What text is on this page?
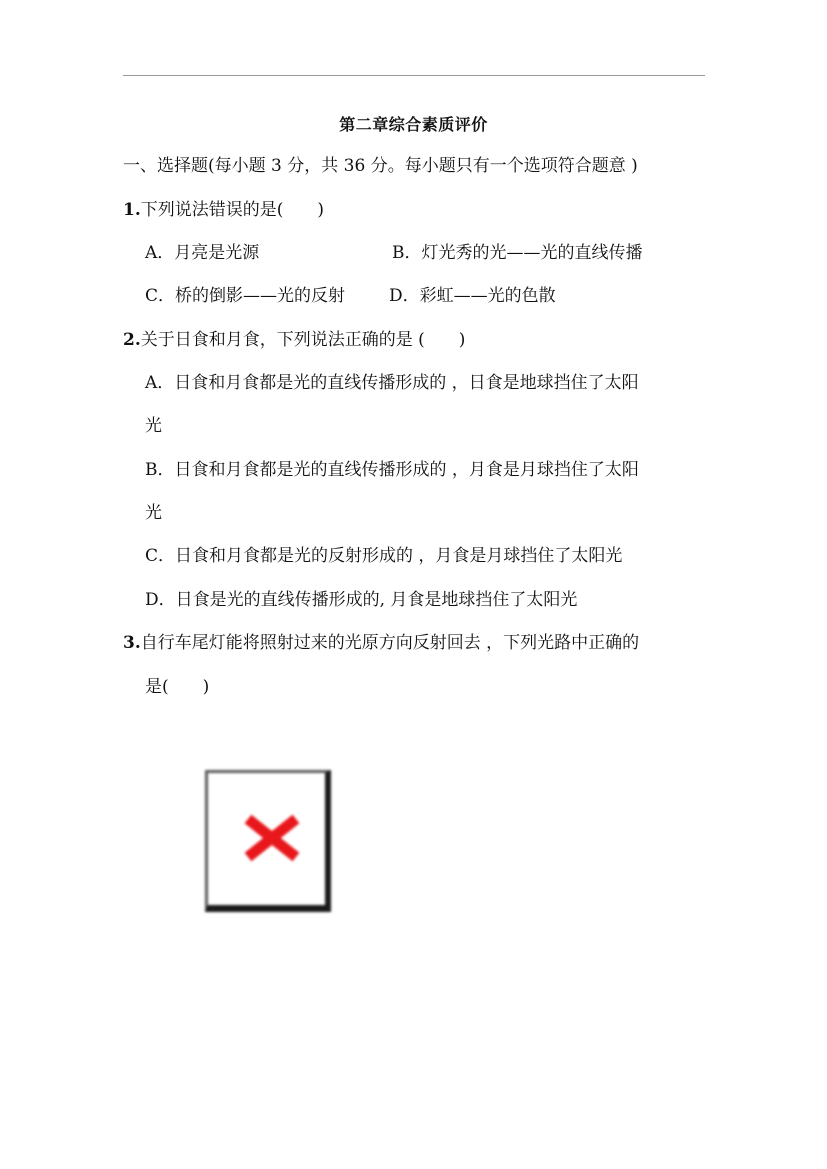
第二章综合素质评价
一、选择题(每小题 3 分，共 36 分。每小题只有一个选项符合题意 )
1.下列说法错误的是(　　)
A．月亮是光源	B．灯光秀的光——光的直线传播
C．桥的倒影——光的反射	D．彩虹——光的色散
2.关于日食和月食，下列说法正确的是 (　　)
A．日食和月食都是光的直线传播形成的 ，日食是地球挡住了太阳
光
B．日食和月食都是光的直线传播形成的 ，月食是月球挡住了太阳
光
C．日食和月食都是光的反射形成的 ，月食是月球挡住了太阳光
D．日食是光的直线传播形成的, 月食是地球挡住了太阳光
3.自行车尾灯能将照射过来的光原方向反射回去 ，下列光路中正确的
是(　　)
